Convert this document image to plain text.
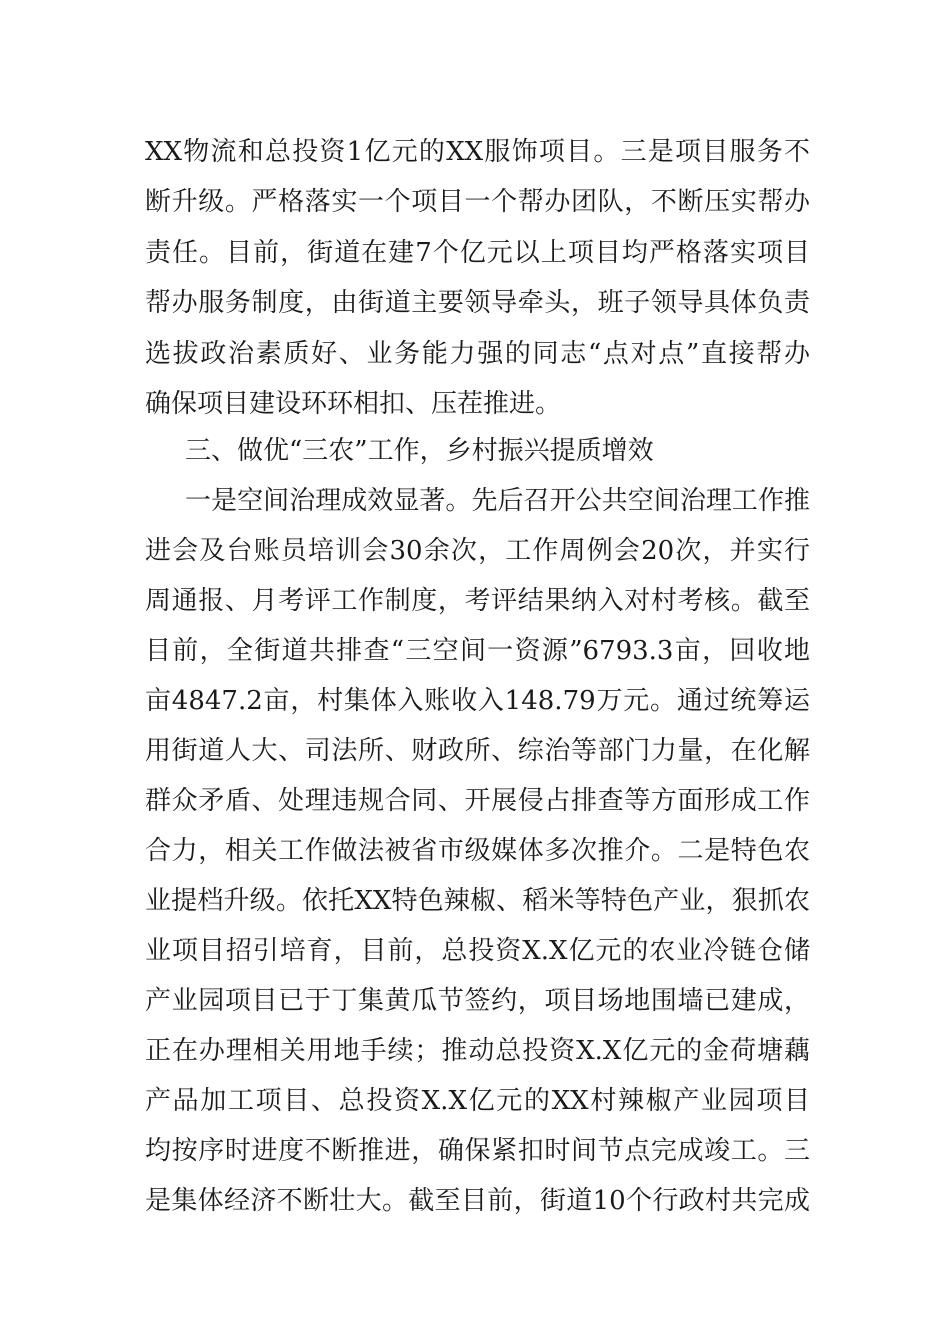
XX物流和总投资1亿元的XX服饰项目。三是项目服务不
断升级。严格落实一个项目一个帮办团队，不断压实帮办
责任。目前，街道在建7个亿元以上项目均严格落实项目
帮办服务制度，由街道主要领导牵头，班子领导具体负责
选拔政治素质好、业务能力强的同志“点对点”直接帮办
确保项目建设环环相扣、压茬推进。
三、做优“三农”工作，乡村振兴提质增效
一是空间治理成效显著。先后召开公共空间治理工作推
进会及台账员培训会30余次，工作周例会20次，并实行
周通报、月考评工作制度，考评结果纳入对村考核。截至
目前，全街道共排查“三空间一资源”6793.3亩，回收地
亩4847.2亩，村集体入账收入148.79万元。通过统筹运
用街道人大、司法所、财政所、综治等部门力量，在化解
群众矛盾、处理违规合同、开展侵占排查等方面形成工作
合力，相关工作做法被省市级媒体多次推介。二是特色农
业提档升级。依托XX特色辣椒、稻米等特色产业，狠抓农
业项目招引培育，目前，总投资X.X亿元的农业冷链仓储
产业园项目已于丁集黄瓜节签约，项目场地围墙已建成，
正在办理相关用地手续；推动总投资X.X亿元的金荷塘藕
产品加工项目、总投资X.X亿元的XX村辣椒产业园项目
均按序时进度不断推进，确保紧扣时间节点完成竣工。三
是集体经济不断壮大。截至目前，街道10个行政村共完成
